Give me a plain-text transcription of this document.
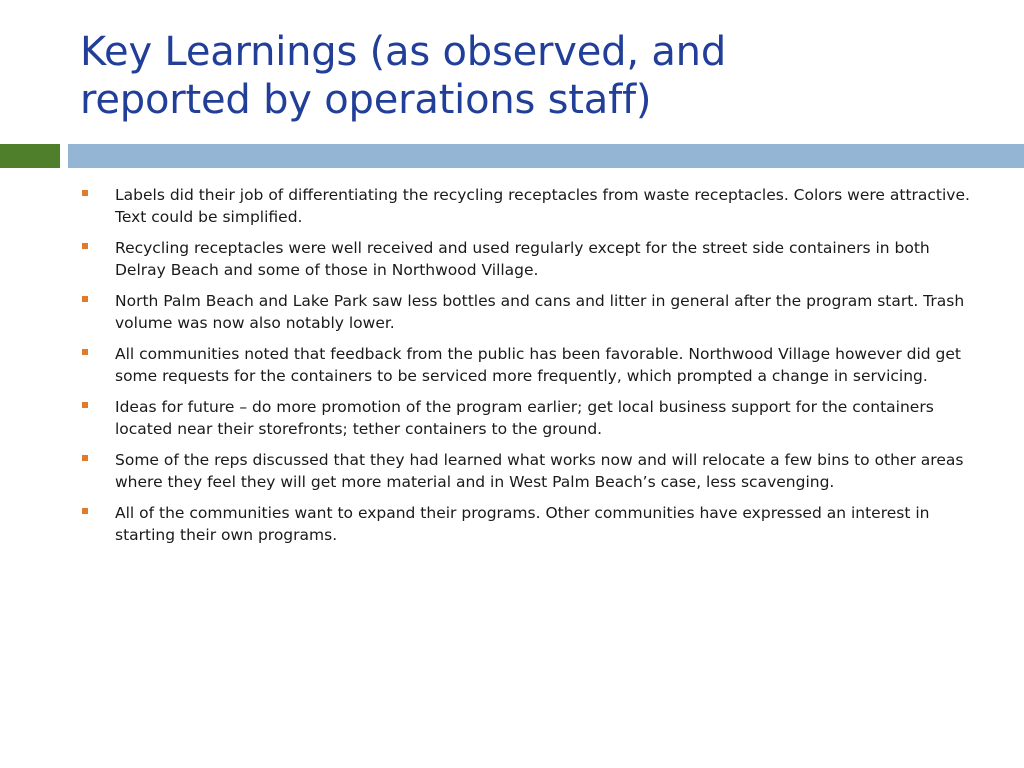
Key Learnings (as observed, and
reported by operations staff)
Labels did their job of differentiating the recycling receptacles from waste receptacles. Colors were attractive. Text could be simplified.
Recycling receptacles were well received and used regularly except for the street side containers in both Delray Beach and some of those in Northwood Village.
North Palm Beach and Lake Park saw less bottles and cans and litter in general after the program start. Trash volume was now also notably lower.
All communities noted that feedback from the public has been favorable. Northwood Village however did get some requests for the containers to be serviced more frequently, which prompted a change in servicing.
Ideas for future – do more promotion of the program earlier; get local business support for the containers located near their storefronts; tether containers to the ground.
Some of the reps discussed that they had learned what works now and will relocate a few bins to other areas where they feel they will get more material and in West Palm Beach’s case, less scavenging.
All of the communities want to expand their programs. Other communities have expressed an interest in starting their own programs.
